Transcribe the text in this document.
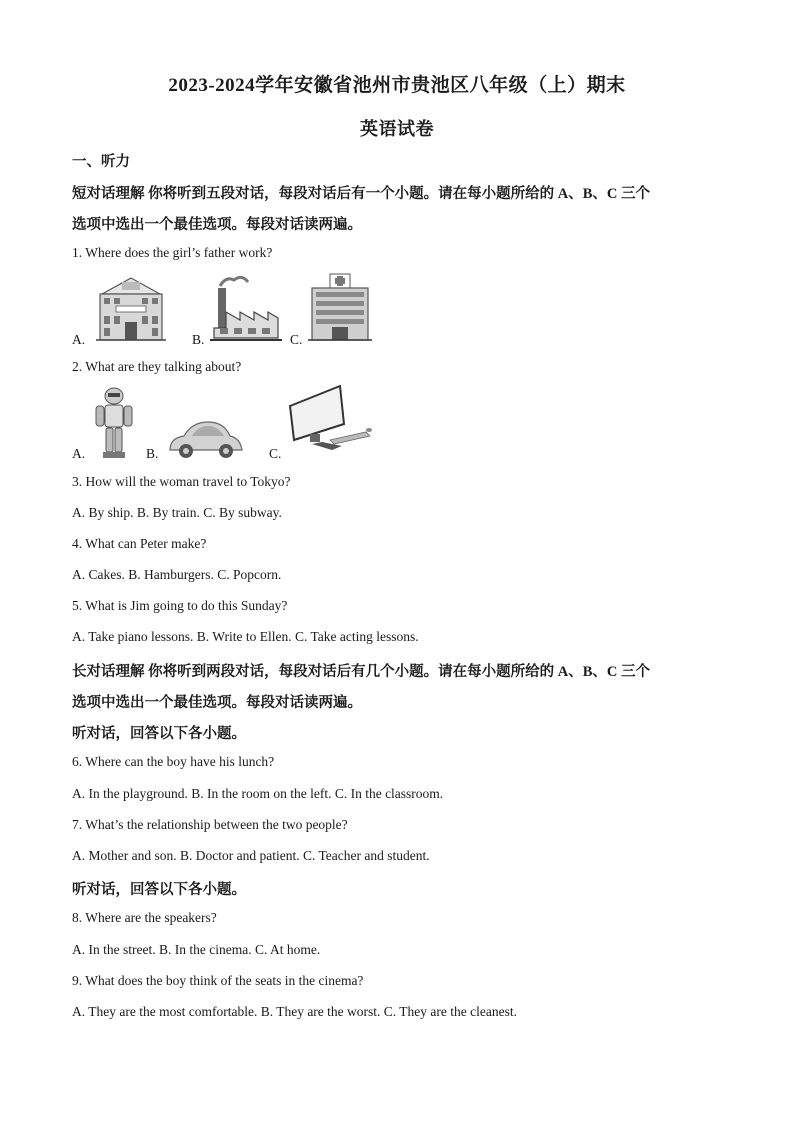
2023-2024学年安徽省池州市贵池区八年级（上）期末
英语试卷
一、听力
短对话理解 你将听到五段对话，每段对话后有一个小题。请在每小题所给的 A、B、C 三个
选项中选出一个最佳选项。每段对话读两遍。
1. Where does the girl’s father work?
A.	B.	C.
2. What are they talking about?
A.	B.	C.
3. How will the woman travel to Tokyo?
A. By ship. B. By train. C. By subway.
4. What can Peter make?
A. Cakes. B. Hamburgers. C. Popcorn.
5. What is Jim going to do this Sunday?
A. Take piano lessons. B. Write to Ellen. C. Take acting lessons.
长对话理解 你将听到两段对话，每段对话后有几个小题。请在每小题所给的 A、B、C 三个
选项中选出一个最佳选项。每段对话读两遍。
听对话，回答以下各小题。
6. Where can the boy have his lunch?
A. In the playground. B. In the room on the left. C. In the classroom.
7. What’s the relationship between the two people?
A. Mother and son. B. Doctor and patient. C. Teacher and student.
听对话，回答以下各小题。
8. Where are the speakers?
A. In the street. B. In the cinema. C. At home.
9. What does the boy think of the seats in the cinema?
A. They are the most comfortable. B. They are the worst. C. They are the cleanest.
